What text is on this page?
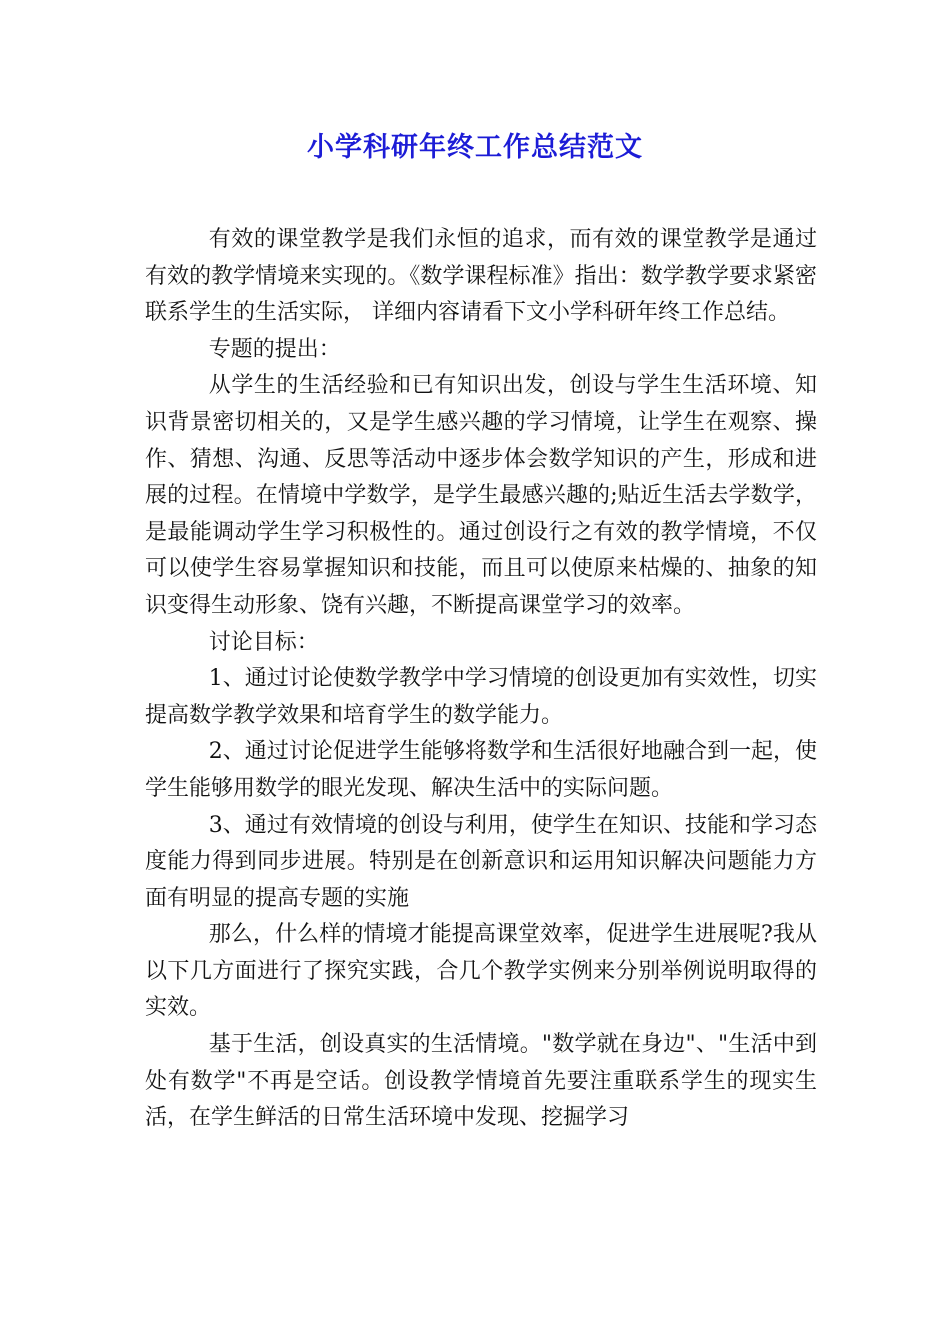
小学科研年终工作总结范文

有效的课堂教学是我们永恒的追求，而有效的课堂教学是通过有效的教学情境来实现的。《数学课程标准》指出：数学教学要求紧密联系学生的生活实际， 详细内容请看下文小学科研年终工作总结。

专题的提出：

从学生的生活经验和已有知识出发，创设与学生生活环境、知识背景密切相关的，又是学生感兴趣的学习情境，让学生在观察、操作、猜想、沟通、反思等活动中逐步体会数学知识的产生，形成和进展的过程。在情境中学数学，是学生最感兴趣的;贴近生活去学数学，是最能调动学生学习积极性的。通过创设行之有效的教学情境，不仅可以使学生容易掌握知识和技能，而且可以使原来枯燥的、抽象的知识变得生动形象、饶有兴趣，不断提高课堂学习的效率。

讨论目标：

1、通过讨论使数学教学中学习情境的创设更加有实效性，切实提高数学教学效果和培育学生的数学能力。

2、通过讨论促进学生能够将数学和生活很好地融合到一起，使学生能够用数学的眼光发现、解决生活中的实际问题。

3、通过有效情境的创设与利用，使学生在知识、技能和学习态度能力得到同步进展。特别是在创新意识和运用知识解决问题能力方面有明显的提高专题的实施

那么，什么样的情境才能提高课堂效率，促进学生进展呢?我从以下几方面进行了探究实践，合几个教学实例来分别举例说明取得的实效。

基于生活，创设真实的生活情境。"数学就在身边"、"生活中到处有数学"不再是空话。创设教学情境首先要注重联系学生的现实生活，在学生鲜活的日常生活环境中发现、挖掘学习
